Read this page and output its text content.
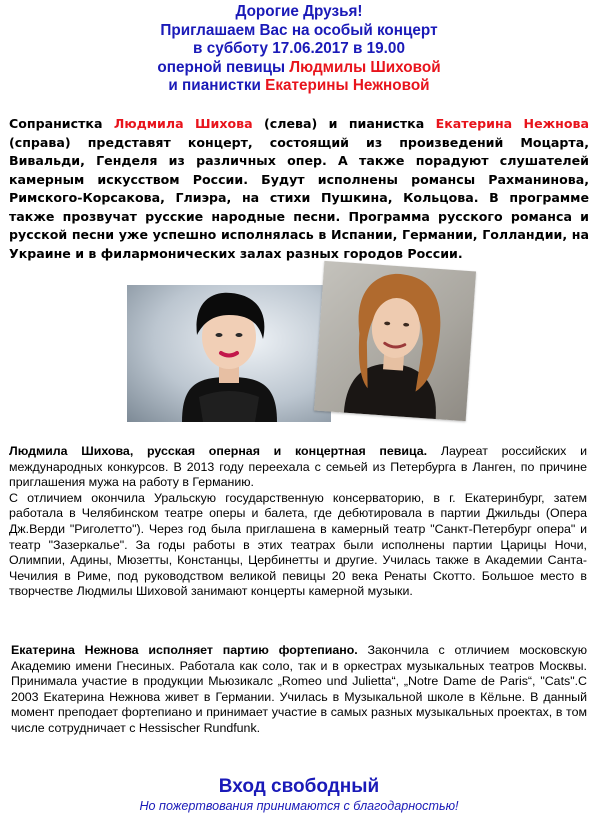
Дорогие Друзья!
Приглашаем Вас на особый концерт
в субботу 17.06.2017 в 19.00
оперной певицы Людмилы Шиховой
и пианистки Екатерины Нежновой
Сопранистка Людмила Шихова (слева) и пианистка Екатерина Нежнова (справа) представят концерт, состоящий из произведений Моцарта, Вивальди, Генделя из различных опер. А также порадуют слушателей камерным искусством России. Будут исполнены романсы Рахманинова, Римского-Корсакова, Глиэра, на стихи Пушкина, Кольцова. В программе также прозвучат русские народные песни. Программа русского романса и русской песни уже успешно исполнялась в Испании, Германии, Голландии, на Украине и в филармонических залах разных городов России.
Людмила Шихова, русская оперная и концертная певица. Лауреат российских и международных конкурсов. В 2013 году переехала с семьей из Петербурга в Ланген, по причине приглашения мужа на работу в Германию.
С отличием окончила Уральскую государственную консерваторию, в г. Екатеринбург, затем работала в Челябинском театре оперы и балета, где дебютировала в партии Джильды (Опера Дж.Верди "Риголетто"). Через год была приглашена в камерный театр "Санкт-Петербург опера" и театр "Зазеркалье". За годы работы в этих театрах были исполнены партии Царицы Ночи, Олимпии, Адины, Мюзетты, Констанцы, Цербинетты и другие. Училась также в Академии Санта-Чечилия в Риме, под руководством великой певицы 20 века Ренаты Скотто. Большое место в творчестве Людмилы Шиховой занимают концерты камерной музыки.
Екатерина Нежнова исполняет партию фортепиано. Закончила с отличием московскую Академию имени Гнесиных. Работала как соло, так и в оркестрах музыкальных театров Москвы. Принимала участие в продукции Мьюзикалс „Romeo und Julietta“, „Notre Dame de Paris“, "Cats".С 2003 Екатерина Нежнова живет в Германии. Училась в Музыкальной школе в Кёльне. В данный момент преподает фортепиано и принимает участие в самых разных музыкальных проектах, в том числе сотрудничает с Hessischer Rundfunk.
Вход свободный
Но пожертвования принимаются с благодарностью!
